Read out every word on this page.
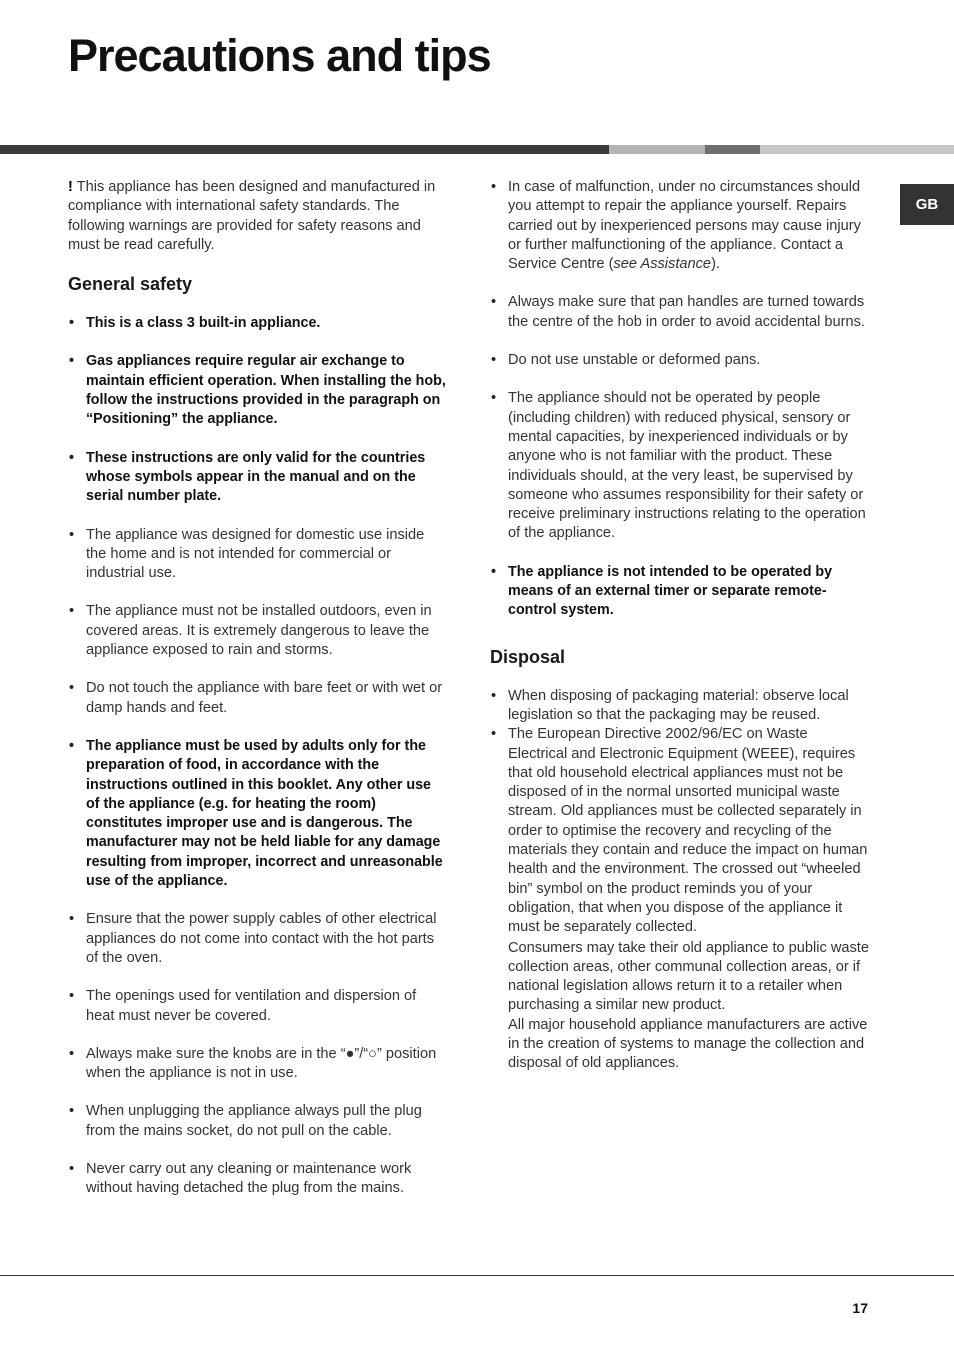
Precautions and tips
GB

! This appliance has been designed and manufactured in compliance with international safety standards. The following warnings are provided for safety reasons and must be read carefully.

General safety
• This is a class 3 built-in appliance.
• Gas appliances require regular air exchange to maintain efficient operation. When installing the hob, follow the instructions provided in the paragraph on “Positioning” the appliance.
• These instructions are only valid for the countries whose symbols appear in the manual and on the serial number plate.
• The appliance was designed for domestic use inside the home and is not intended for commercial or industrial use.
• The appliance must not be installed outdoors, even in covered areas. It is extremely dangerous to leave the appliance exposed to rain and storms.
• Do not touch the appliance with bare feet or with wet or damp hands and feet.
• The appliance must be used by adults only for the preparation of food, in accordance with the instructions outlined in this booklet. Any other use of the appliance (e.g. for heating the room) constitutes improper use and is dangerous. The manufacturer may not be held liable for any damage resulting from improper, incorrect and unreasonable use of the appliance.
• Ensure that the power supply cables of other electrical appliances do not come into contact with the hot parts of the oven.
• The openings used for ventilation and dispersion of heat must never be covered.
• Always make sure the knobs are in the “●”/“○” position when the appliance is not in use.
• When unplugging the appliance always pull the plug from the mains socket, do not pull on the cable.
• Never carry out any cleaning or maintenance work without having detached the plug from the mains.
• In case of malfunction, under no circumstances should you attempt to repair the appliance yourself. Repairs carried out by inexperienced persons may cause injury or further malfunctioning of the appliance. Contact a Service Centre (see Assistance).
• Always make sure that pan handles are turned towards the centre of the hob in order to avoid accidental burns.
• Do not use unstable or deformed pans.
• The appliance should not be operated by people (including children) with reduced physical, sensory or mental capacities, by inexperienced individuals or by anyone who is not familiar with the product. These individuals should, at the very least, be supervised by someone who assumes responsibility for their safety or receive preliminary instructions relating to the operation of the appliance.
• The appliance is not intended to be operated by means of an external timer or separate remote-control system.
Disposal
• When disposing of packaging material: observe local legislation so that the packaging may be reused.
• The European Directive 2002/96/EC on Waste Electrical and Electronic Equipment (WEEE), requires that old household electrical appliances must not be disposed of in the normal unsorted municipal waste stream. Old appliances must be collected separately in order to optimise the recovery and recycling of the materials they contain and reduce the impact on human health and the environment. The crossed out “wheeled bin” symbol on the product reminds you of your obligation, that when you dispose of the appliance it must be separately collected.

Consumers may take their old appliance to public waste collection areas, other communal collection areas, or if national legislation allows return it to a retailer when purchasing a similar new product.

All major household appliance manufacturers are active in the creation of systems to manage the collection and disposal of old appliances.

17
